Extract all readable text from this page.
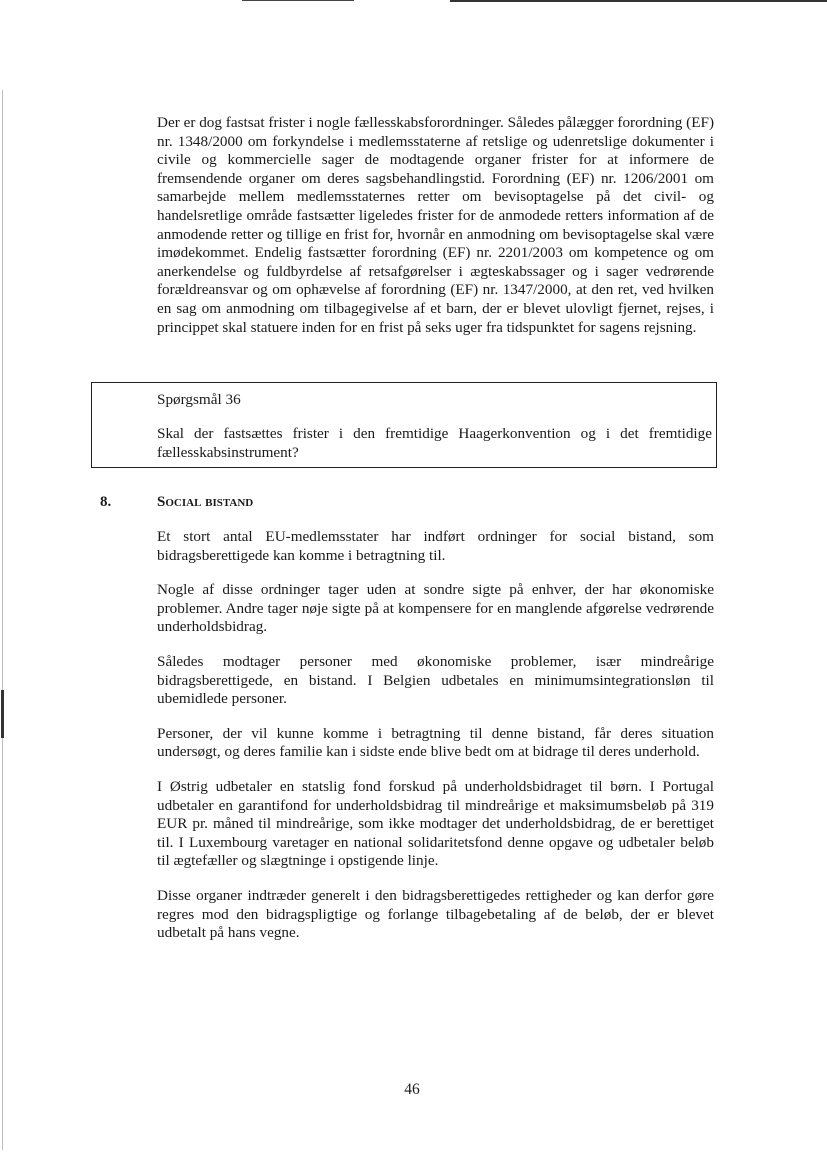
Der er dog fastsat frister i nogle fællesskabsforordninger. Således pålægger forordning (EF) nr. 1348/2000 om forkyndelse i medlemsstaterne af retslige og udenretslige dokumenter i civile og kommercielle sager de modtagende organer frister for at informere de fremsendende organer om deres sagsbehandlingstid. Forordning (EF) nr. 1206/2001 om samarbejde mellem medlemsstaternes retter om bevisoptagelse på det civil- og handelsretlige område fastsætter ligeledes frister for de anmodede retters information af de anmodende retter og tillige en frist for, hvornår en anmodning om bevisoptagelse skal være imødekommet. Endelig fastsætter forordning (EF) nr. 2201/2003 om kompetence og om anerkendelse og fuldbyrdelse af retsafgørelser i ægteskabssager og i sager vedrørende forældreansvar og om ophævelse af forordning (EF) nr. 1347/2000, at den ret, ved hvilken en sag om anmodning om tilbagegivelse af et barn, der er blevet ulovligt fjernet, rejses, i princippet skal statuere inden for en frist på seks uger fra tidspunktet for sagens rejsning.

Spørgsmål 36

Skal der fastsættes frister i den fremtidige Haagerkonvention og i det fremtidige fællesskabsinstrument?

8.	Social bistand

Et stort antal EU-medlemsstater har indført ordninger for social bistand, som bidragsberettigede kan komme i betragtning til.

Nogle af disse ordninger tager uden at sondre sigte på enhver, der har økonomiske problemer. Andre tager nøje sigte på at kompensere for en manglende afgørelse vedrørende underholdsbidrag.

Således modtager personer med økonomiske problemer, især mindreårige bidragsberettigede, en bistand. I Belgien udbetales en minimumsintegrationsløn til ubemidlede personer.

Personer, der vil kunne komme i betragtning til denne bistand, får deres situation undersøgt, og deres familie kan i sidste ende blive bedt om at bidrage til deres underhold.

I Østrig udbetaler en statslig fond forskud på underholdsbidraget til børn. I Portugal udbetaler en garantifond for underholdsbidrag til mindreårige et maksimumsbeløb på 319 EUR pr. måned til mindreårige, som ikke modtager det underholdsbidrag, de er berettiget til. I Luxembourg varetager en national solidaritetsfond denne opgave og udbetaler beløb til ægtefæller og slægtninge i opstigende linje.

Disse organer indtræder generelt i den bidragsberettigedes rettigheder og kan derfor gøre regres mod den bidragspligtige og forlange tilbagebetaling af de beløb, der er blevet udbetalt på hans vegne.

46
